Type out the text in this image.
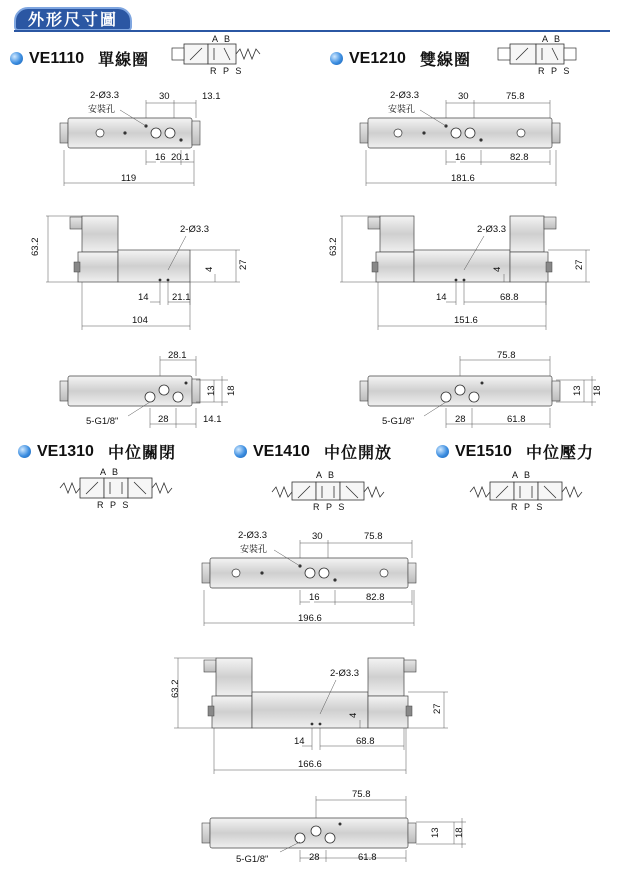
外形尺寸圖
VE1110 單線圈	VE1210 雙線圈
VE1310 中位關閉	VE1410 中位開放	VE1510 中位壓力
A B
R P S
A B
R P S
A B
R P S
A B
R P S
A B
R P S
30	13.1
16 20.1
119
2-Ø3.3
安裝孔
63.2
27
4
14 21.1
104
2-Ø3.3
28.1
28	14.1
13 18
5-G1/8"
30	75.8
16	82.8
181.6
2-Ø3.3
安裝孔
63.2
27
4
14	68.8
151.6
2-Ø3.3
75.8
28	61.8
13 18
5-G1/8"
30	75.8
16	82.8
196.6
2-Ø3.3
安裝孔
63.2
27
4
14	68.8
166.6
2-Ø3.3
75.8
28	61.8
13 18
5-G1/8"
